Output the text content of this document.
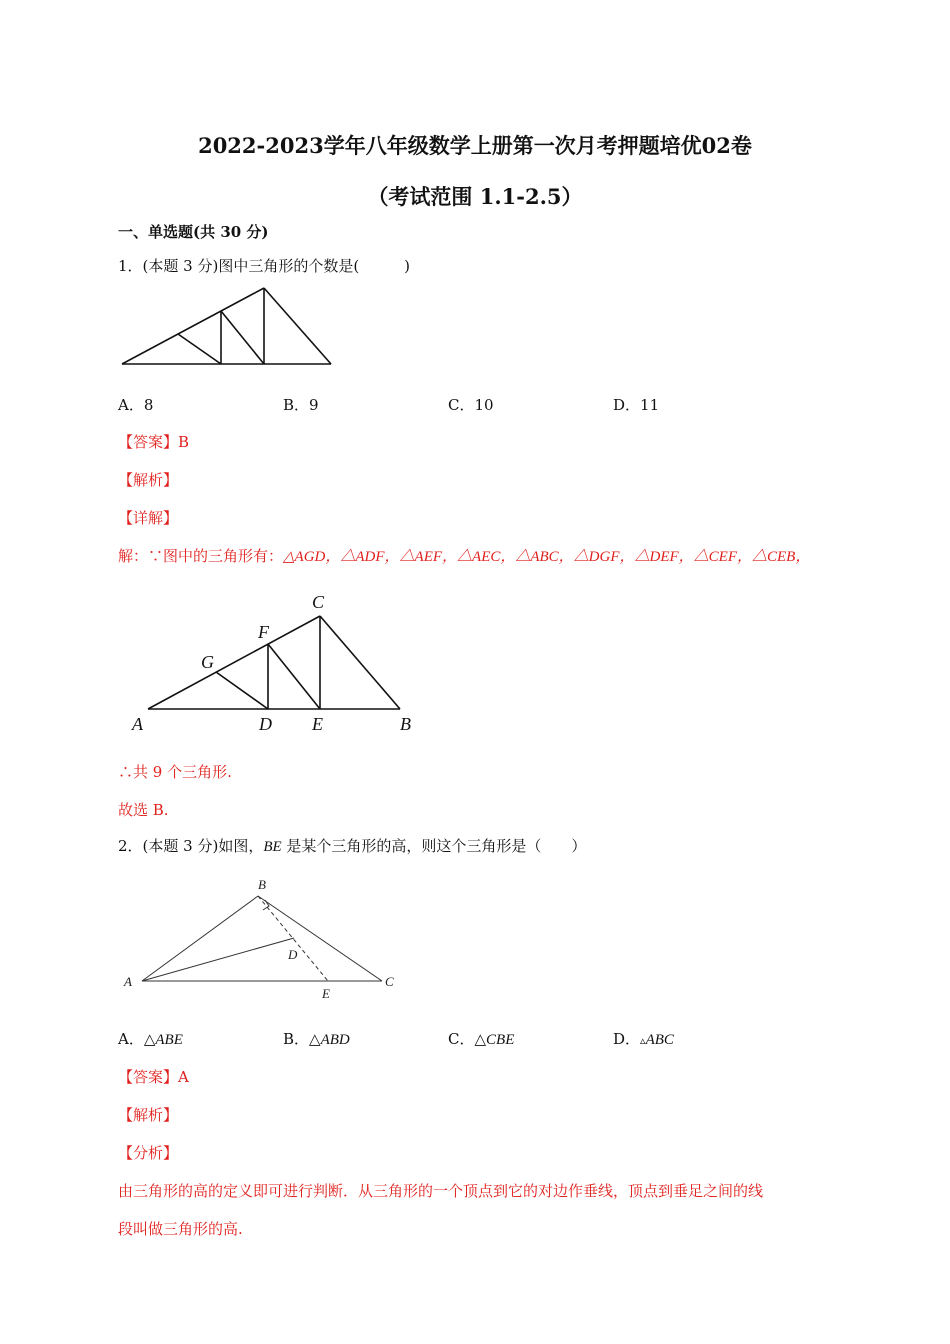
2022-2023学年八年级数学上册第一次月考押题培优02卷
（考试范围 1.1-2.5）
一、单选题(共 30 分)
1．(本题 3 分)图中三角形的个数是(　　　)
A．8	B．9	C．10	D．11
【答案】B
【解析】
【详解】
解：∵图中的三角形有：△AGD，△ADF，△AEF，△AEC，△ABC，△DGF，△DEF，△CEF，△CEB，
A	D E	B
C
F
G
∴共 9 个三角形.
故选 B.
2．(本题 3 分)如图，BE 是某个三角形的高，则这个三角形是（　　）
A
B
C
D
E
A．△ABE	B．△ABD	C．△CBE	D．▵ABC
【答案】A
【解析】
【分析】
由三角形的高的定义即可进行判断．从三角形的一个顶点到它的对边作垂线，顶点到垂足之间的线
段叫做三角形的高.
